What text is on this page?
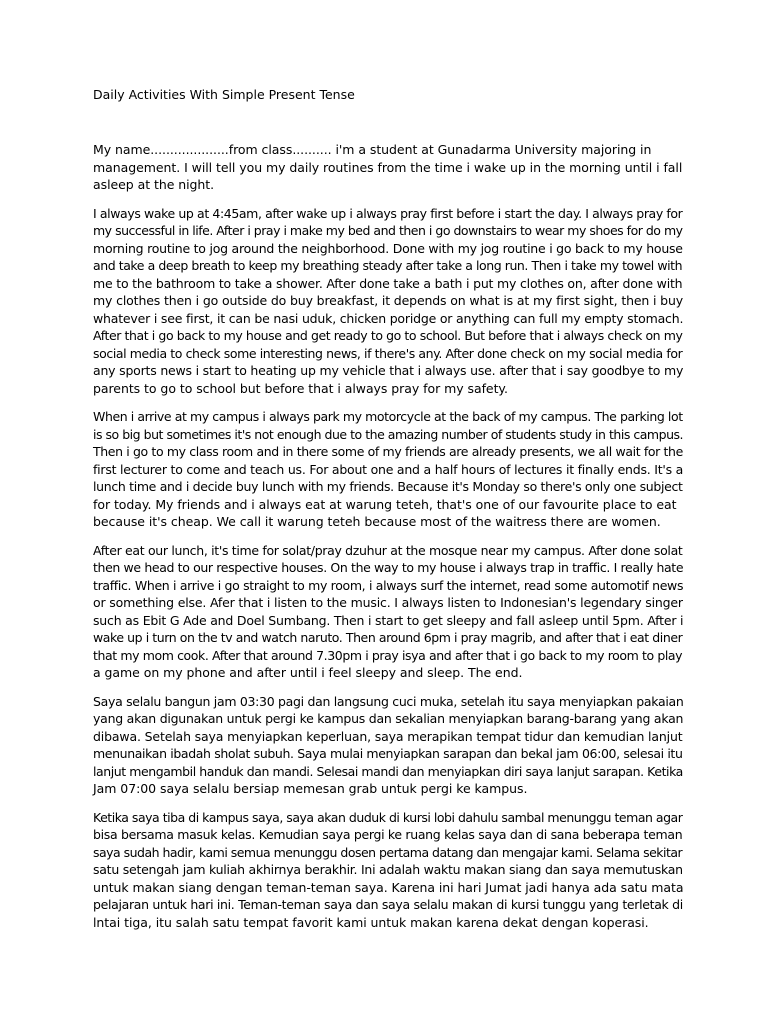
Daily Activities With Simple Present Tense
My name....................from class.......... i'm a student at Gunadarma University majoring in
management. I will tell you my daily routines from the time i wake up in the morning until i fall
asleep at the night.
I always wake up at 4:45am, after wake up i always pray first before i start the day. I always pray for
my successful in life. After i pray i make my bed and then i go downstairs to wear my shoes for do my
morning routine to jog around the neighborhood. Done with my jog routine i go back to my house
and take a deep breath to keep my breathing steady after take a long run. Then i take my towel with
me to the bathroom to take a shower. After done take a bath i put my clothes on, after done with
my clothes then i go outside do buy breakfast, it depends on what is at my first sight, then i buy
whatever i see first, it can be nasi uduk, chicken poridge or anything can full my empty stomach.
After that i go back to my house and get ready to go to school. But before that i always check on my
social media to check some interesting news, if there's any. After done check on my social media for
any sports news i start to heating up my vehicle that i always use. after that i say goodbye to my
parents to go to school but before that i always pray for my safety.
When i arrive at my campus i always park my motorcycle at the back of my campus. The parking lot
is so big but sometimes it's not enough due to the amazing number of students study in this campus.
Then i go to my class room and in there some of my friends are already presents, we all wait for the
first lecturer to come and teach us. For about one and a half hours of lectures it finally ends. It's a
lunch time and i decide buy lunch with my friends. Because it's Monday so there's only one subject
for today. My friends and i always eat at warung teteh, that's one of our favourite place to eat
because it's cheap. We call it warung teteh because most of the waitress there are women.
After eat our lunch, it's time for solat/pray dzuhur at the mosque near my campus. After done solat
then we head to our respective houses. On the way to my house i always trap in traffic. I really hate
traffic. When i arrive i go straight to my room, i always surf the internet, read some automotif news
or something else. Afer that i listen to the music. I always listen to Indonesian's legendary singer
such as Ebit G Ade and Doel Sumbang. Then i start to get sleepy and fall asleep until 5pm. After i
wake up i turn on the tv and watch naruto. Then around 6pm i pray magrib, and after that i eat diner
that my mom cook. After that around 7.30pm i pray isya and after that i go back to my room to play
a game on my phone and after until i feel sleepy and sleep. The end.
Saya selalu bangun jam 03:30 pagi dan langsung cuci muka, setelah itu saya menyiapkan pakaian
yang akan digunakan untuk pergi ke kampus dan sekalian menyiapkan barang-barang yang akan
dibawa. Setelah saya menyiapkan keperluan, saya merapikan tempat tidur dan kemudian lanjut
menunaikan ibadah sholat subuh. Saya mulai menyiapkan sarapan dan bekal jam 06:00, selesai itu
lanjut mengambil handuk dan mandi. Selesai mandi dan menyiapkan diri saya lanjut sarapan. Ketika
Jam 07:00 saya selalu bersiap memesan grab untuk pergi ke kampus.
Ketika saya tiba di kampus saya, saya akan duduk di kursi lobi dahulu sambal menunggu teman agar
bisa bersama masuk kelas. Kemudian saya pergi ke ruang kelas saya dan di sana beberapa teman
saya sudah hadir, kami semua menunggu dosen pertama datang dan mengajar kami. Selama sekitar
satu setengah jam kuliah akhirnya berakhir. Ini adalah waktu makan siang dan saya memutuskan
untuk makan siang dengan teman-teman saya. Karena ini hari Jumat jadi hanya ada satu mata
pelajaran untuk hari ini. Teman-teman saya dan saya selalu makan di kursi tunggu yang terletak di
lntai tiga, itu salah satu tempat favorit kami untuk makan karena dekat dengan koperasi.
